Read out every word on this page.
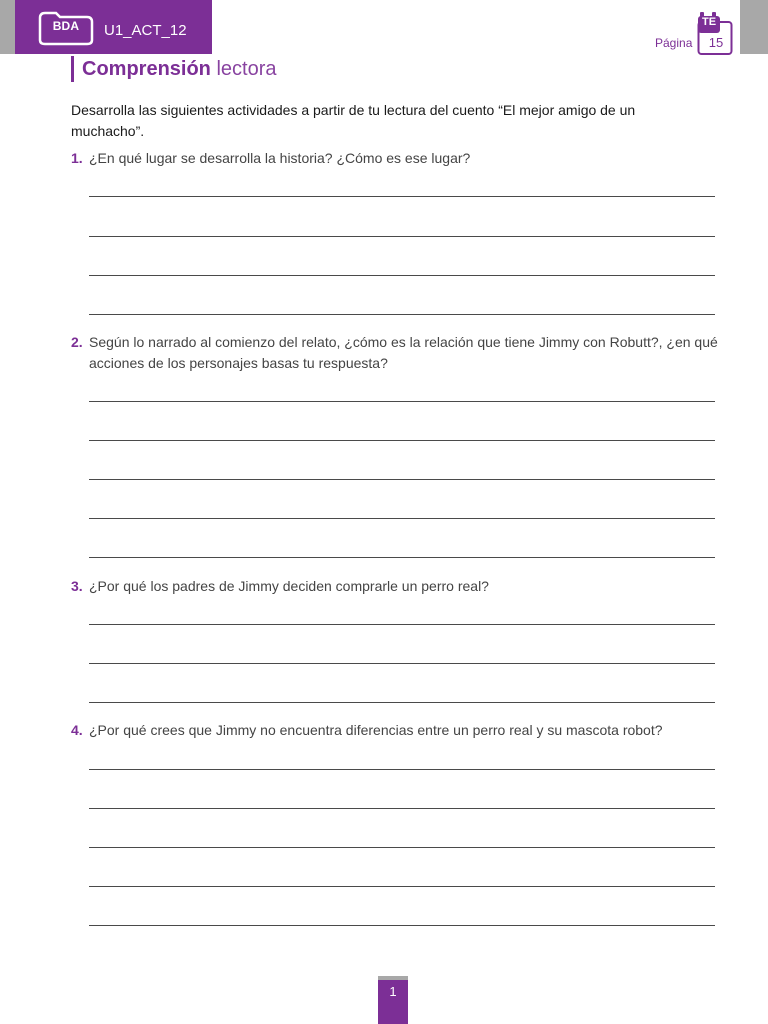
BDA	U1_ACT_12
Página
TE
15
Comprensión lectora
Desarrolla las siguientes actividades a partir de tu lectura del cuento “El mejor amigo de un muchacho”.
1. ¿En qué lugar se desarrolla la historia? ¿Cómo es ese lugar?
2. Según lo narrado al comienzo del relato, ¿cómo es la relación que tiene Jimmy con Robutt?, ¿en qué acciones de los personajes basas tu respuesta?
3. ¿Por qué los padres de Jimmy deciden comprarle un perro real?
4. ¿Por qué crees que Jimmy no encuentra diferencias entre un perro real y su mascota robot?
1
